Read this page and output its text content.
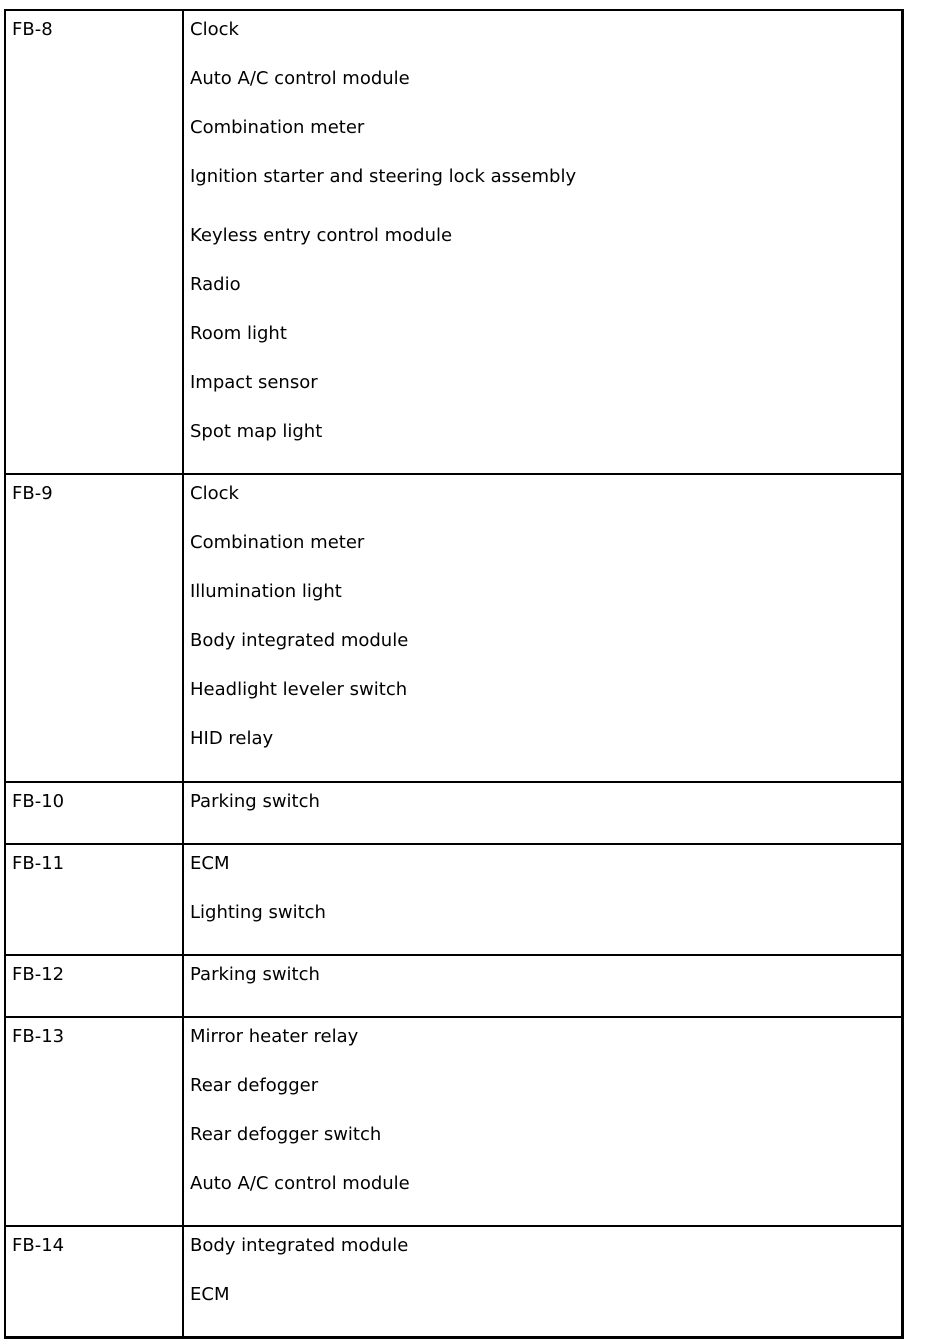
FB-8	Clock
Auto A/C control module
Combination meter
Ignition starter and steering lock assembly
Keyless entry control module
Radio
Room light
Impact sensor
Spot map light
FB-9	Clock
Combination meter
Illumination light
Body integrated module
Headlight leveler switch
HID relay
FB-10	Parking switch
FB-11	ECM
Lighting switch
FB-12	Parking switch
FB-13	Mirror heater relay
Rear defogger
Rear defogger switch
Auto A/C control module
FB-14	Body integrated module
ECM
